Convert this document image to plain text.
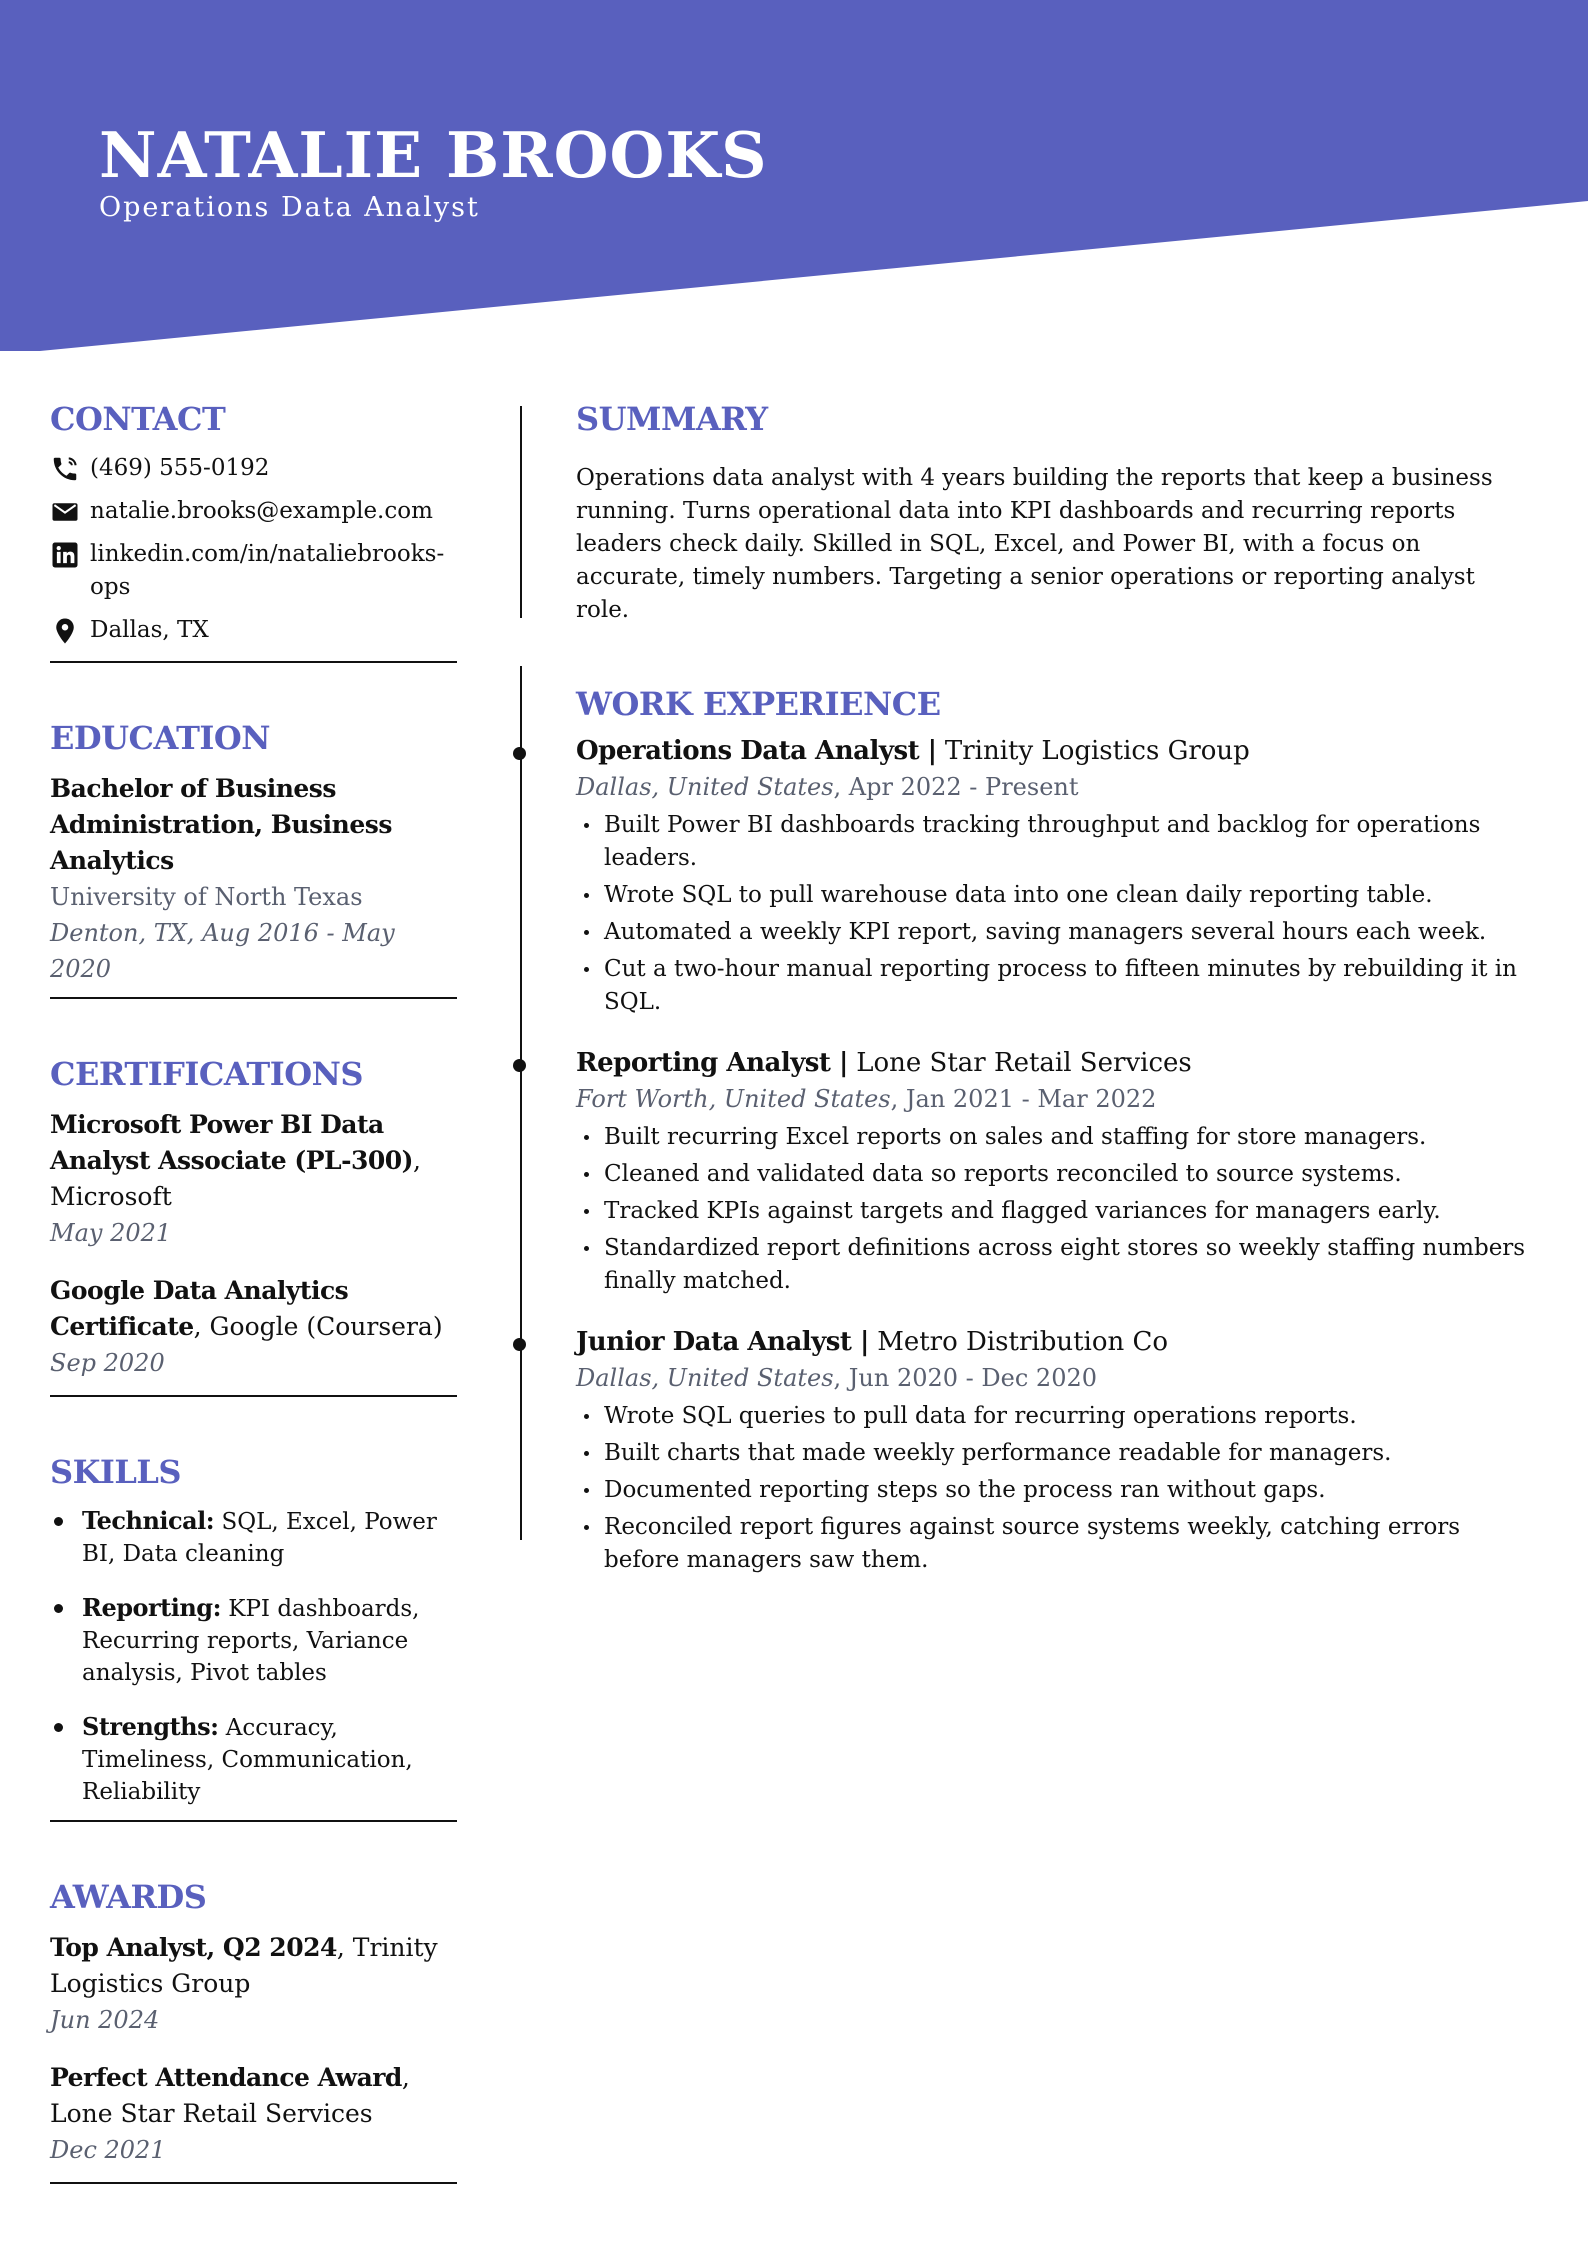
NATALIE BROOKS
Operations Data Analyst
CONTACT
(469) 555-0192
natalie.brooks@example.com
linkedin.com/in/nataliebrooks-ops
Dallas, TX
EDUCATION
Bachelor of Business Administration, Business Analytics
University of North Texas
Denton, TX, Aug 2016 - May 2020
CERTIFICATIONS
Microsoft Power BI Data Analyst Associate (PL-300), Microsoft
May 2021
Google Data Analytics Certificate, Google (Coursera)
Sep 2020
SKILLS
Technical: SQL, Excel, Power BI, Data cleaning
Reporting: KPI dashboards, Recurring reports, Variance analysis, Pivot tables
Strengths: Accuracy, Timeliness, Communication, Reliability
AWARDS
Top Analyst, Q2 2024, Trinity Logistics Group
Jun 2024
Perfect Attendance Award, Lone Star Retail Services
Dec 2021
SUMMARY
Operations data analyst with 4 years building the reports that keep a business running. Turns operational data into KPI dashboards and recurring reports leaders check daily. Skilled in SQL, Excel, and Power BI, with a focus on accurate, timely numbers. Targeting a senior operations or reporting analyst role.
WORK EXPERIENCE
Operations Data Analyst | Trinity Logistics Group
Dallas, United States, Apr 2022 - Present
Built Power BI dashboards tracking throughput and backlog for operations leaders.
Wrote SQL to pull warehouse data into one clean daily reporting table.
Automated a weekly KPI report, saving managers several hours each week.
Cut a two-hour manual reporting process to fifteen minutes by rebuilding it in SQL.
Reporting Analyst | Lone Star Retail Services
Fort Worth, United States, Jan 2021 - Mar 2022
Built recurring Excel reports on sales and staffing for store managers.
Cleaned and validated data so reports reconciled to source systems.
Tracked KPIs against targets and flagged variances for managers early.
Standardized report definitions across eight stores so weekly staffing numbers finally matched.
Junior Data Analyst | Metro Distribution Co
Dallas, United States, Jun 2020 - Dec 2020
Wrote SQL queries to pull data for recurring operations reports.
Built charts that made weekly performance readable for managers.
Documented reporting steps so the process ran without gaps.
Reconciled report figures against source systems weekly, catching errors before managers saw them.
